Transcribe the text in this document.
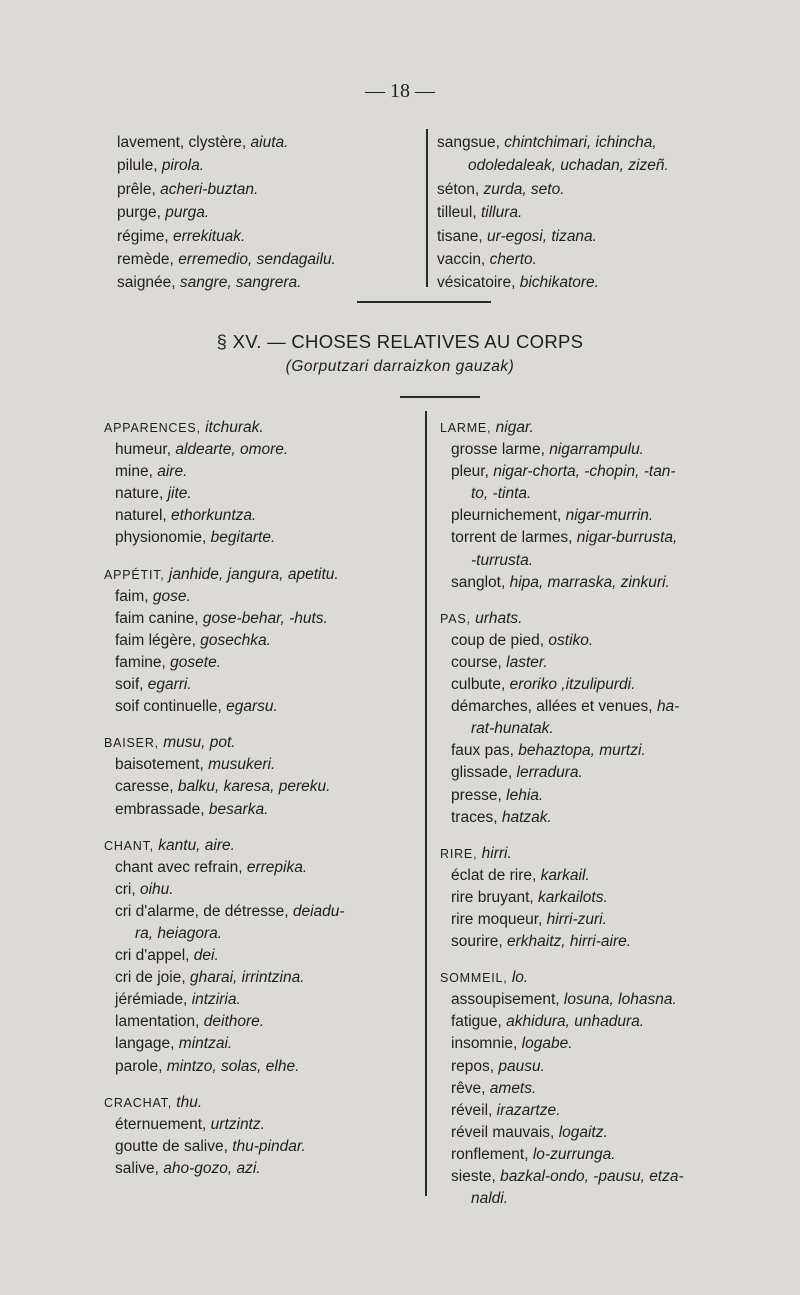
— 18 —
lavement, clystère, aiuta.
pilule, pirola.
prêle, acheri-buztan.
purge, purga.
régime, errekituak.
remède, erremedio, sendagailu.
saignée, sangre, sangrera.
sangsue, chintchimari, ichincha,
odoledaleak, uchadan, zizeñ.
séton, zurda, seto.
tilleul, tillura.
tisane, ur-egosi, tizana.
vaccin, cherto.
vésicatoire, bichikatore.
§ XV. — CHOSES RELATIVES AU CORPS
(Gorputzari darraizkon gauzak)
APPARENCES, itchurak.
humeur, aldearte, omore.
mine, aire.
nature, jite.
naturel, ethorkuntza.
physionomie, begitarte.
APPÉTIT, janhide, jangura, apetitu.
faim, gose.
faim canine, gose-behar, -huts.
faim légère, gosechka.
famine, gosete.
soif, egarri.
soif continuelle, egarsu.
BAISER, musu, pot.
baisotement, musukeri.
caresse, balku, karesa, pereku.
embrassade, besarka.
CHANT, kantu, aire.
chant avec refrain, errepika.
cri, oihu.
cri d'alarme, de détresse, deiadu-
ra, heiagora.
cri d'appel, dei.
cri de joie, gharai, irrintzina.
jérémiade, intziria.
lamentation, deithore.
langage, mintzai.
parole, mintzo, solas, elhe.
CRACHAT, thu.
éternuement, urtzintz.
goutte de salive, thu-pindar.
salive, aho-gozo, azi.
LARME, nigar.
grosse larme, nigarrampulu.
pleur, nigar-chorta, -chopin, -tan-
to, -tinta.
pleurnichement, nigar-murrin.
torrent de larmes, nigar-burrusta,
-turrusta.
sanglot, hipa, marraska, zinkuri.
PAS, urhats.
coup de pied, ostiko.
course, laster.
culbute, eroriko ,itzulipurdi.
démarches, allées et venues, ha-
rat-hunatak.
faux pas, behaztopa, murtzi.
glissade, lerradura.
presse, lehia.
traces, hatzak.
RIRE, hirri.
éclat de rire, karkail.
rire bruyant, karkailots.
rire moqueur, hirri-zuri.
sourire, erkhaitz, hirri-aire.
SOMMEIL, lo.
assoupisement, losuna, lohasna.
fatigue, akhidura, unhadura.
insomnie, logabe.
repos, pausu.
rêve, amets.
réveil, irazartze.
réveil mauvais, logaitz.
ronflement, lo-zurrunga.
sieste, bazkal-ondo, -pausu, etza-
naldi.
